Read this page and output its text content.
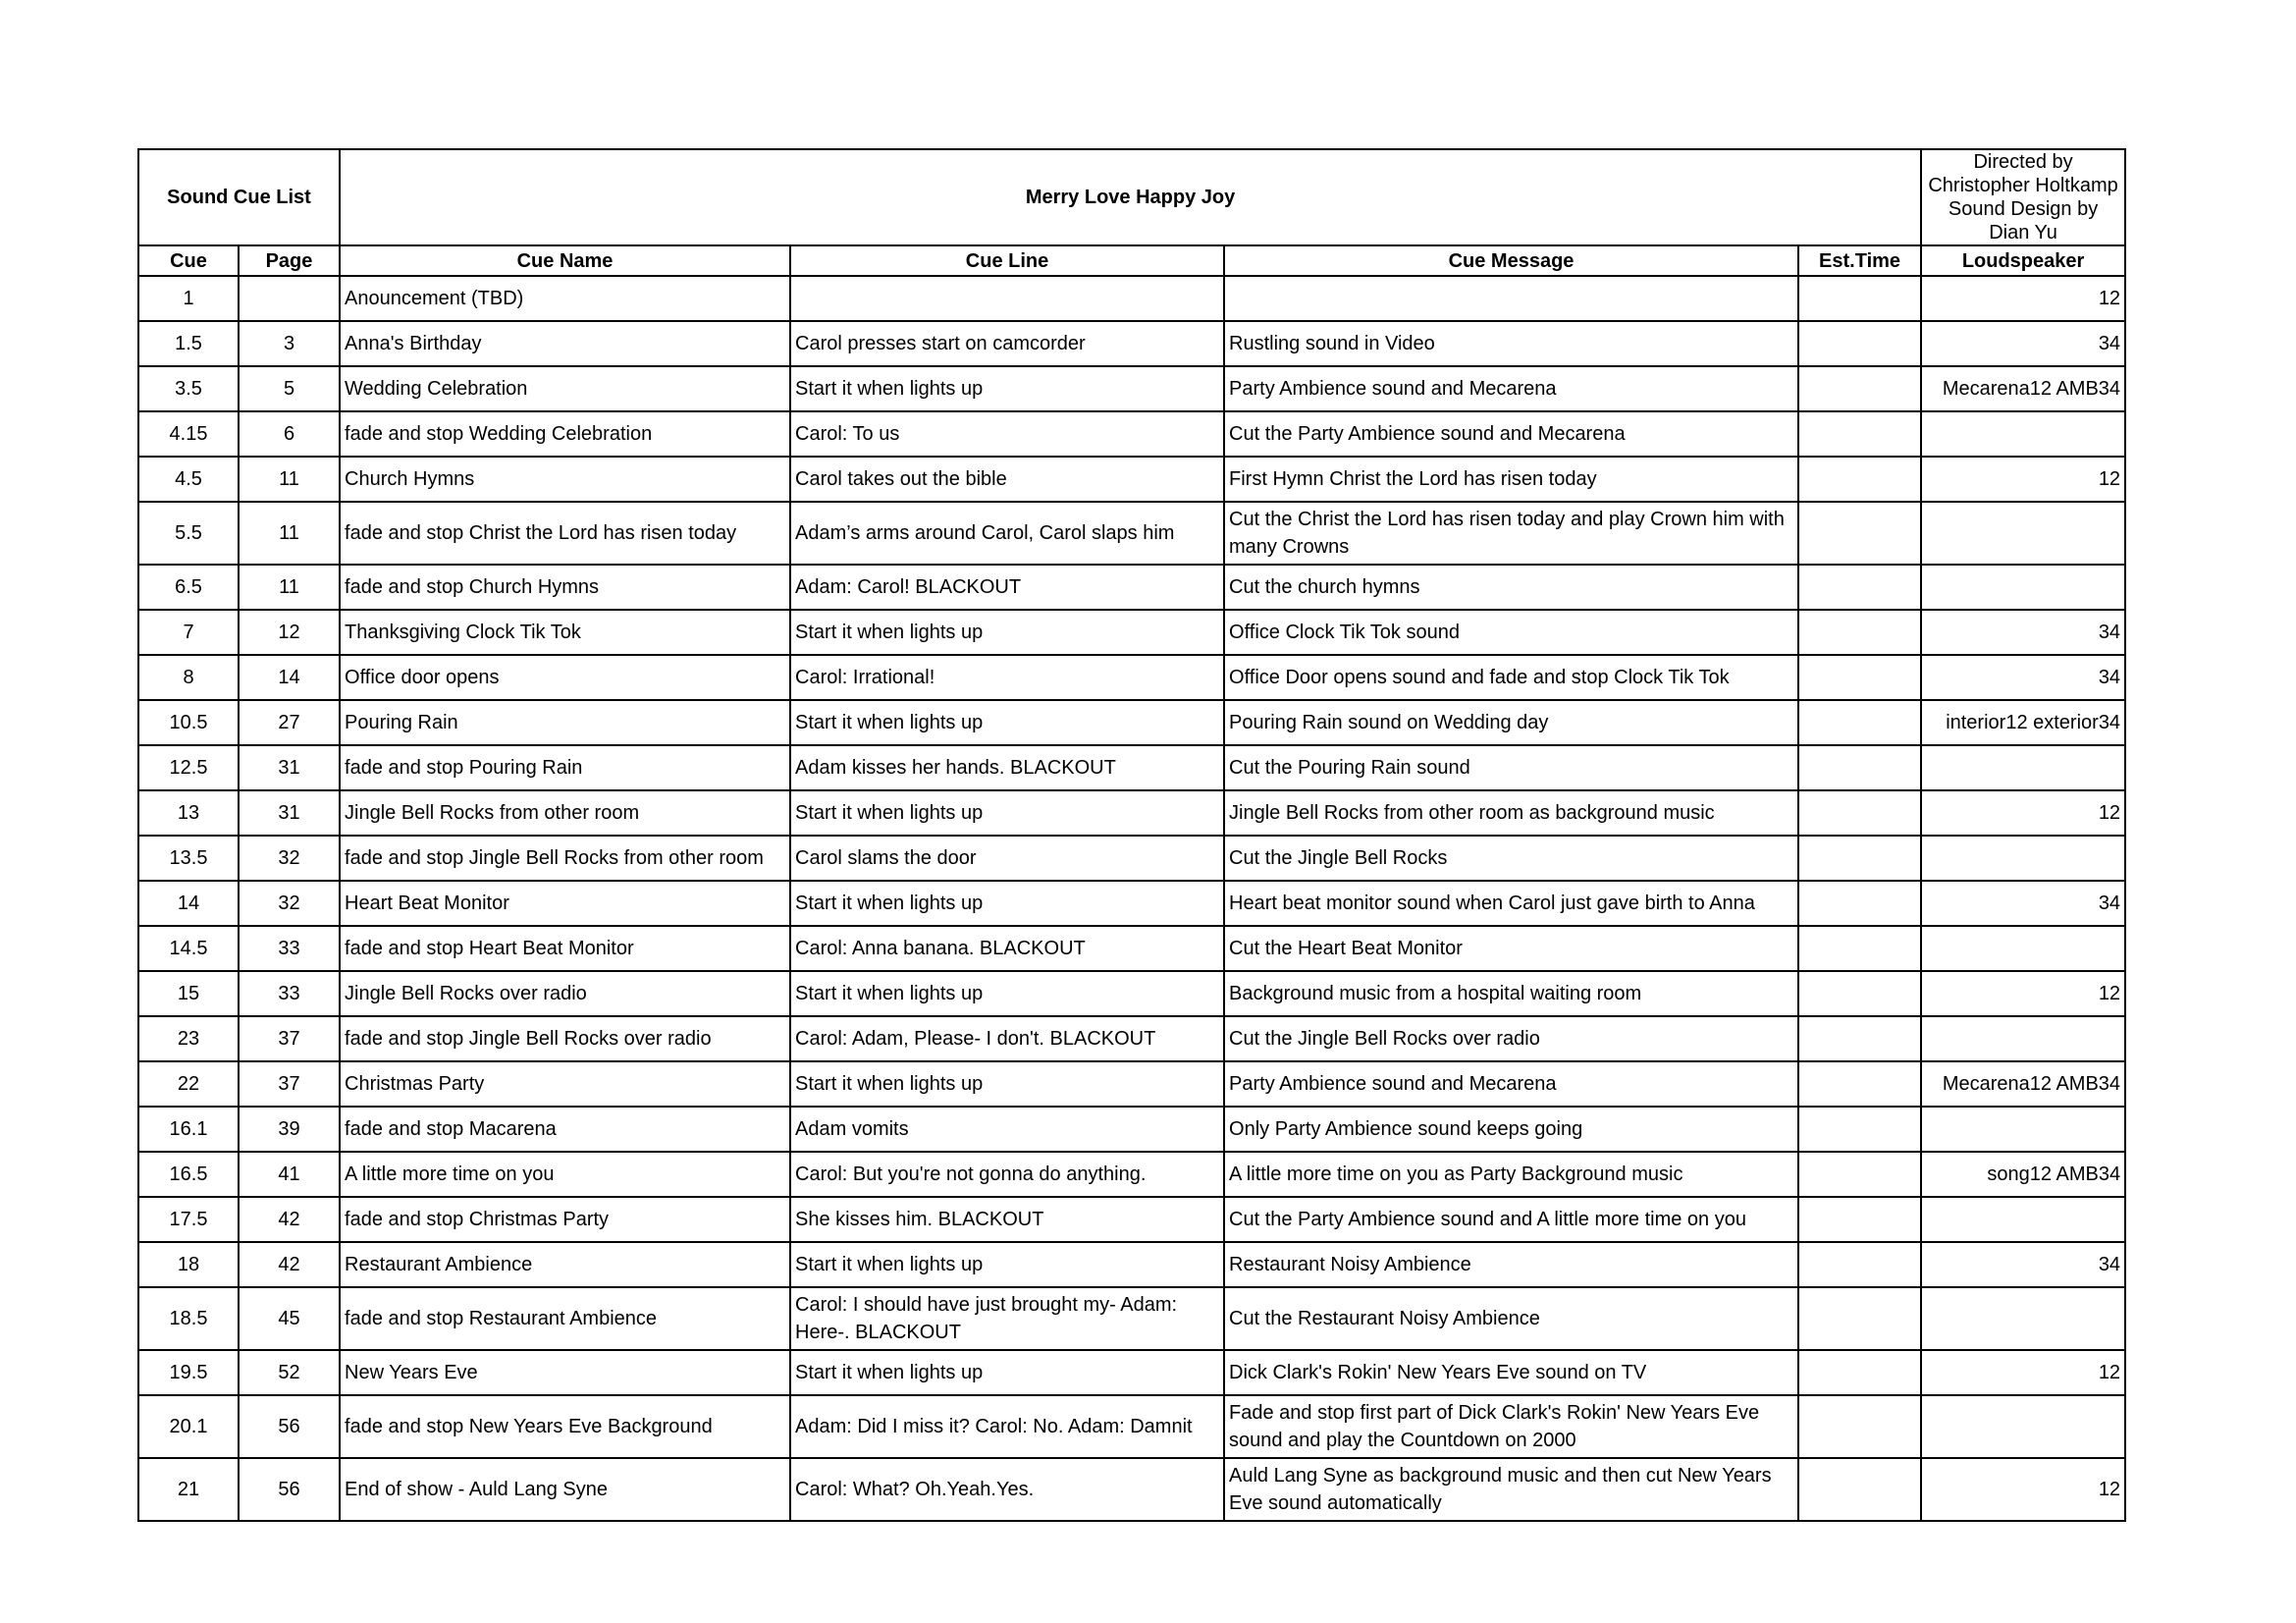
Sound Cue List		Merry Love Happy Joy				Directed by Christopher Holtkamp
Sound Design by Dian Yu
Cue	Page	Cue Name	Cue Line	Cue Message	Est.Time	Loudspeaker
1		Anouncement (TBD)				12
1.5	3	Anna's Birthday	Carol presses start on camcorder	Rustling sound in Video		34
3.5	5	Wedding Celebration	Start it when lights up	Party Ambience sound and Mecarena		Mecarena12 AMB34
4.15	6	fade and stop Wedding Celebration	Carol: To us	Cut the Party Ambience sound and Mecarena		
4.5	11	Church Hymns	Carol takes out the bible	First Hymn Christ the Lord has risen today		12
5.5	11	fade and stop Christ the Lord has risen today	Adam’s arms around Carol, Carol slaps him	Cut the Christ the Lord has risen today and play Crown him with many Crowns		
6.5	11	fade and stop Church Hymns	Adam: Carol! BLACKOUT	Cut the church hymns		
7	12	Thanksgiving Clock Tik Tok	Start it when lights up	Office Clock Tik Tok sound		34
8	14	Office door opens	Carol: Irrational!	Office Door opens sound and fade and stop Clock Tik Tok		34
10.5	27	Pouring Rain	Start it when lights up	Pouring Rain sound on Wedding day		interior12 exterior34
12.5	31	fade and stop Pouring Rain	Adam kisses her hands. BLACKOUT	Cut the Pouring Rain sound		
13	31	Jingle Bell Rocks from other room	Start it when lights up	Jingle Bell Rocks from other room as background music		12
13.5	32	fade and stop Jingle Bell Rocks from other room	Carol slams the door	Cut the Jingle Bell Rocks		
14	32	Heart Beat Monitor	Start it when lights up	Heart beat monitor sound when Carol just gave birth to Anna		34
14.5	33	fade and stop Heart Beat Monitor	Carol: Anna banana. BLACKOUT	Cut the Heart Beat Monitor		
15	33	Jingle Bell Rocks over radio	Start it when lights up	Background music from a hospital waiting room		12
23	37	fade and stop Jingle Bell Rocks over radio	Carol: Adam, Please- I don't. BLACKOUT	Cut the Jingle Bell Rocks over radio		
22	37	Christmas Party	Start it when lights up	Party Ambience sound and Mecarena		Mecarena12 AMB34
16.1	39	fade and stop Macarena	Adam vomits	Only Party Ambience sound keeps going		
16.5	41	A little more time on you	Carol: But you're not gonna do anything.	A little more time on you as Party Background music		song12 AMB34
17.5	42	fade and stop Christmas Party	She kisses him. BLACKOUT	Cut the Party Ambience sound and A little more time on you		
18	42	Restaurant Ambience	Start it when lights up	Restaurant Noisy Ambience		34
18.5	45	fade and stop Restaurant Ambience	Carol: I should have just brought my- Adam: Here-. BLACKOUT	Cut the Restaurant Noisy Ambience		
19.5	52	New Years Eve	Start it when lights up	Dick Clark's Rokin' New Years Eve sound on TV		12
20.1	56	fade and stop New Years Eve Background	Adam: Did I miss it? Carol: No. Adam: Damnit	Fade and stop first part of Dick Clark's Rokin' New Years Eve sound and play the Countdown on 2000		
21	56	End of show - Auld Lang Syne	Carol: What? Oh.Yeah.Yes.	Auld Lang Syne as background music and then cut New Years Eve sound automatically		12
